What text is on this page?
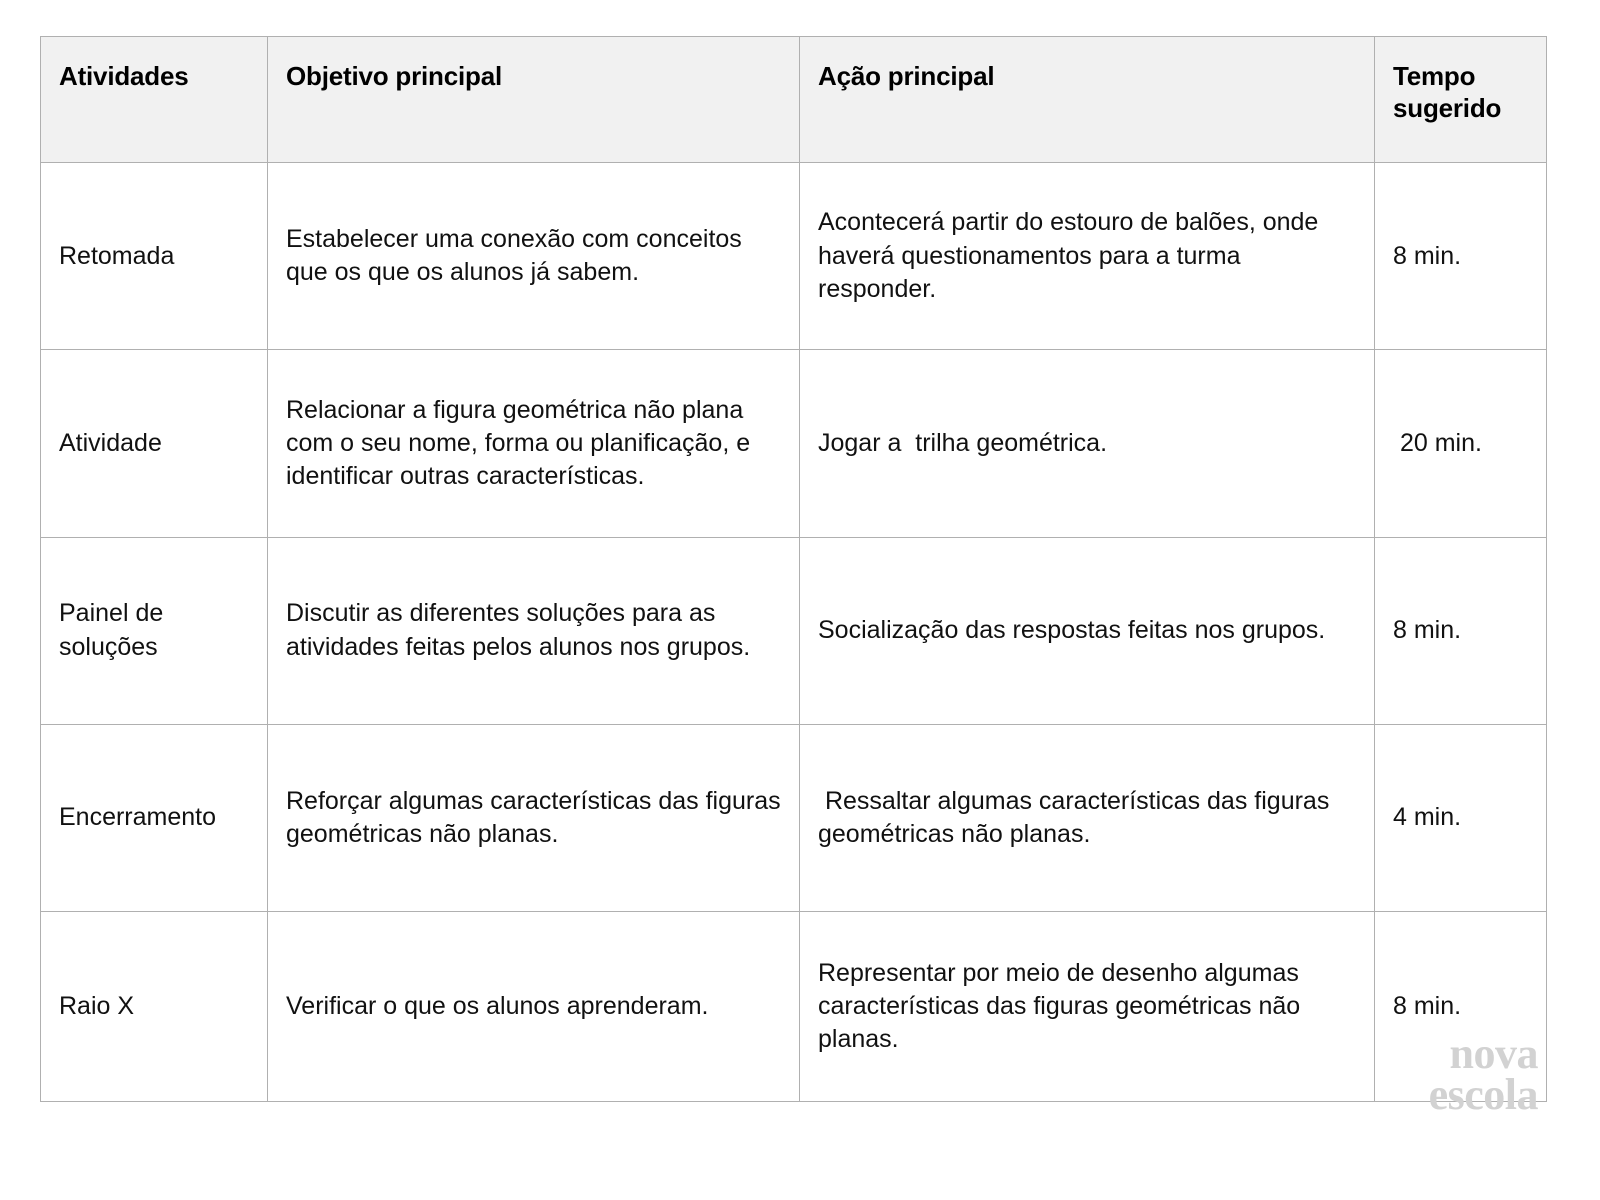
Atividades	Objetivo principal	Ação principal	Tempo sugerido

Retomada	Estabelecer uma conexão com conceitos que os que os alunos já sabem.	Acontecerá partir do estouro de balões, onde haverá questionamentos para a turma responder.	8 min.

Atividade	Relacionar a figura geométrica não plana com o seu nome, forma ou planificação, e identificar outras características.	Jogar a  trilha geométrica.	20 min.

Painel de soluções	Discutir as diferentes soluções para as atividades feitas pelos alunos nos grupos.	Socialização das respostas feitas nos grupos.	8 min.

Encerramento	Reforçar algumas características das figuras geométricas não planas.	Ressaltar algumas características das figuras geométricas não planas.	4 min.

Raio X	Verificar o que os alunos aprenderam.	Representar por meio de desenho algumas características das figuras geométricas não planas.	8 min.

nova
escola
